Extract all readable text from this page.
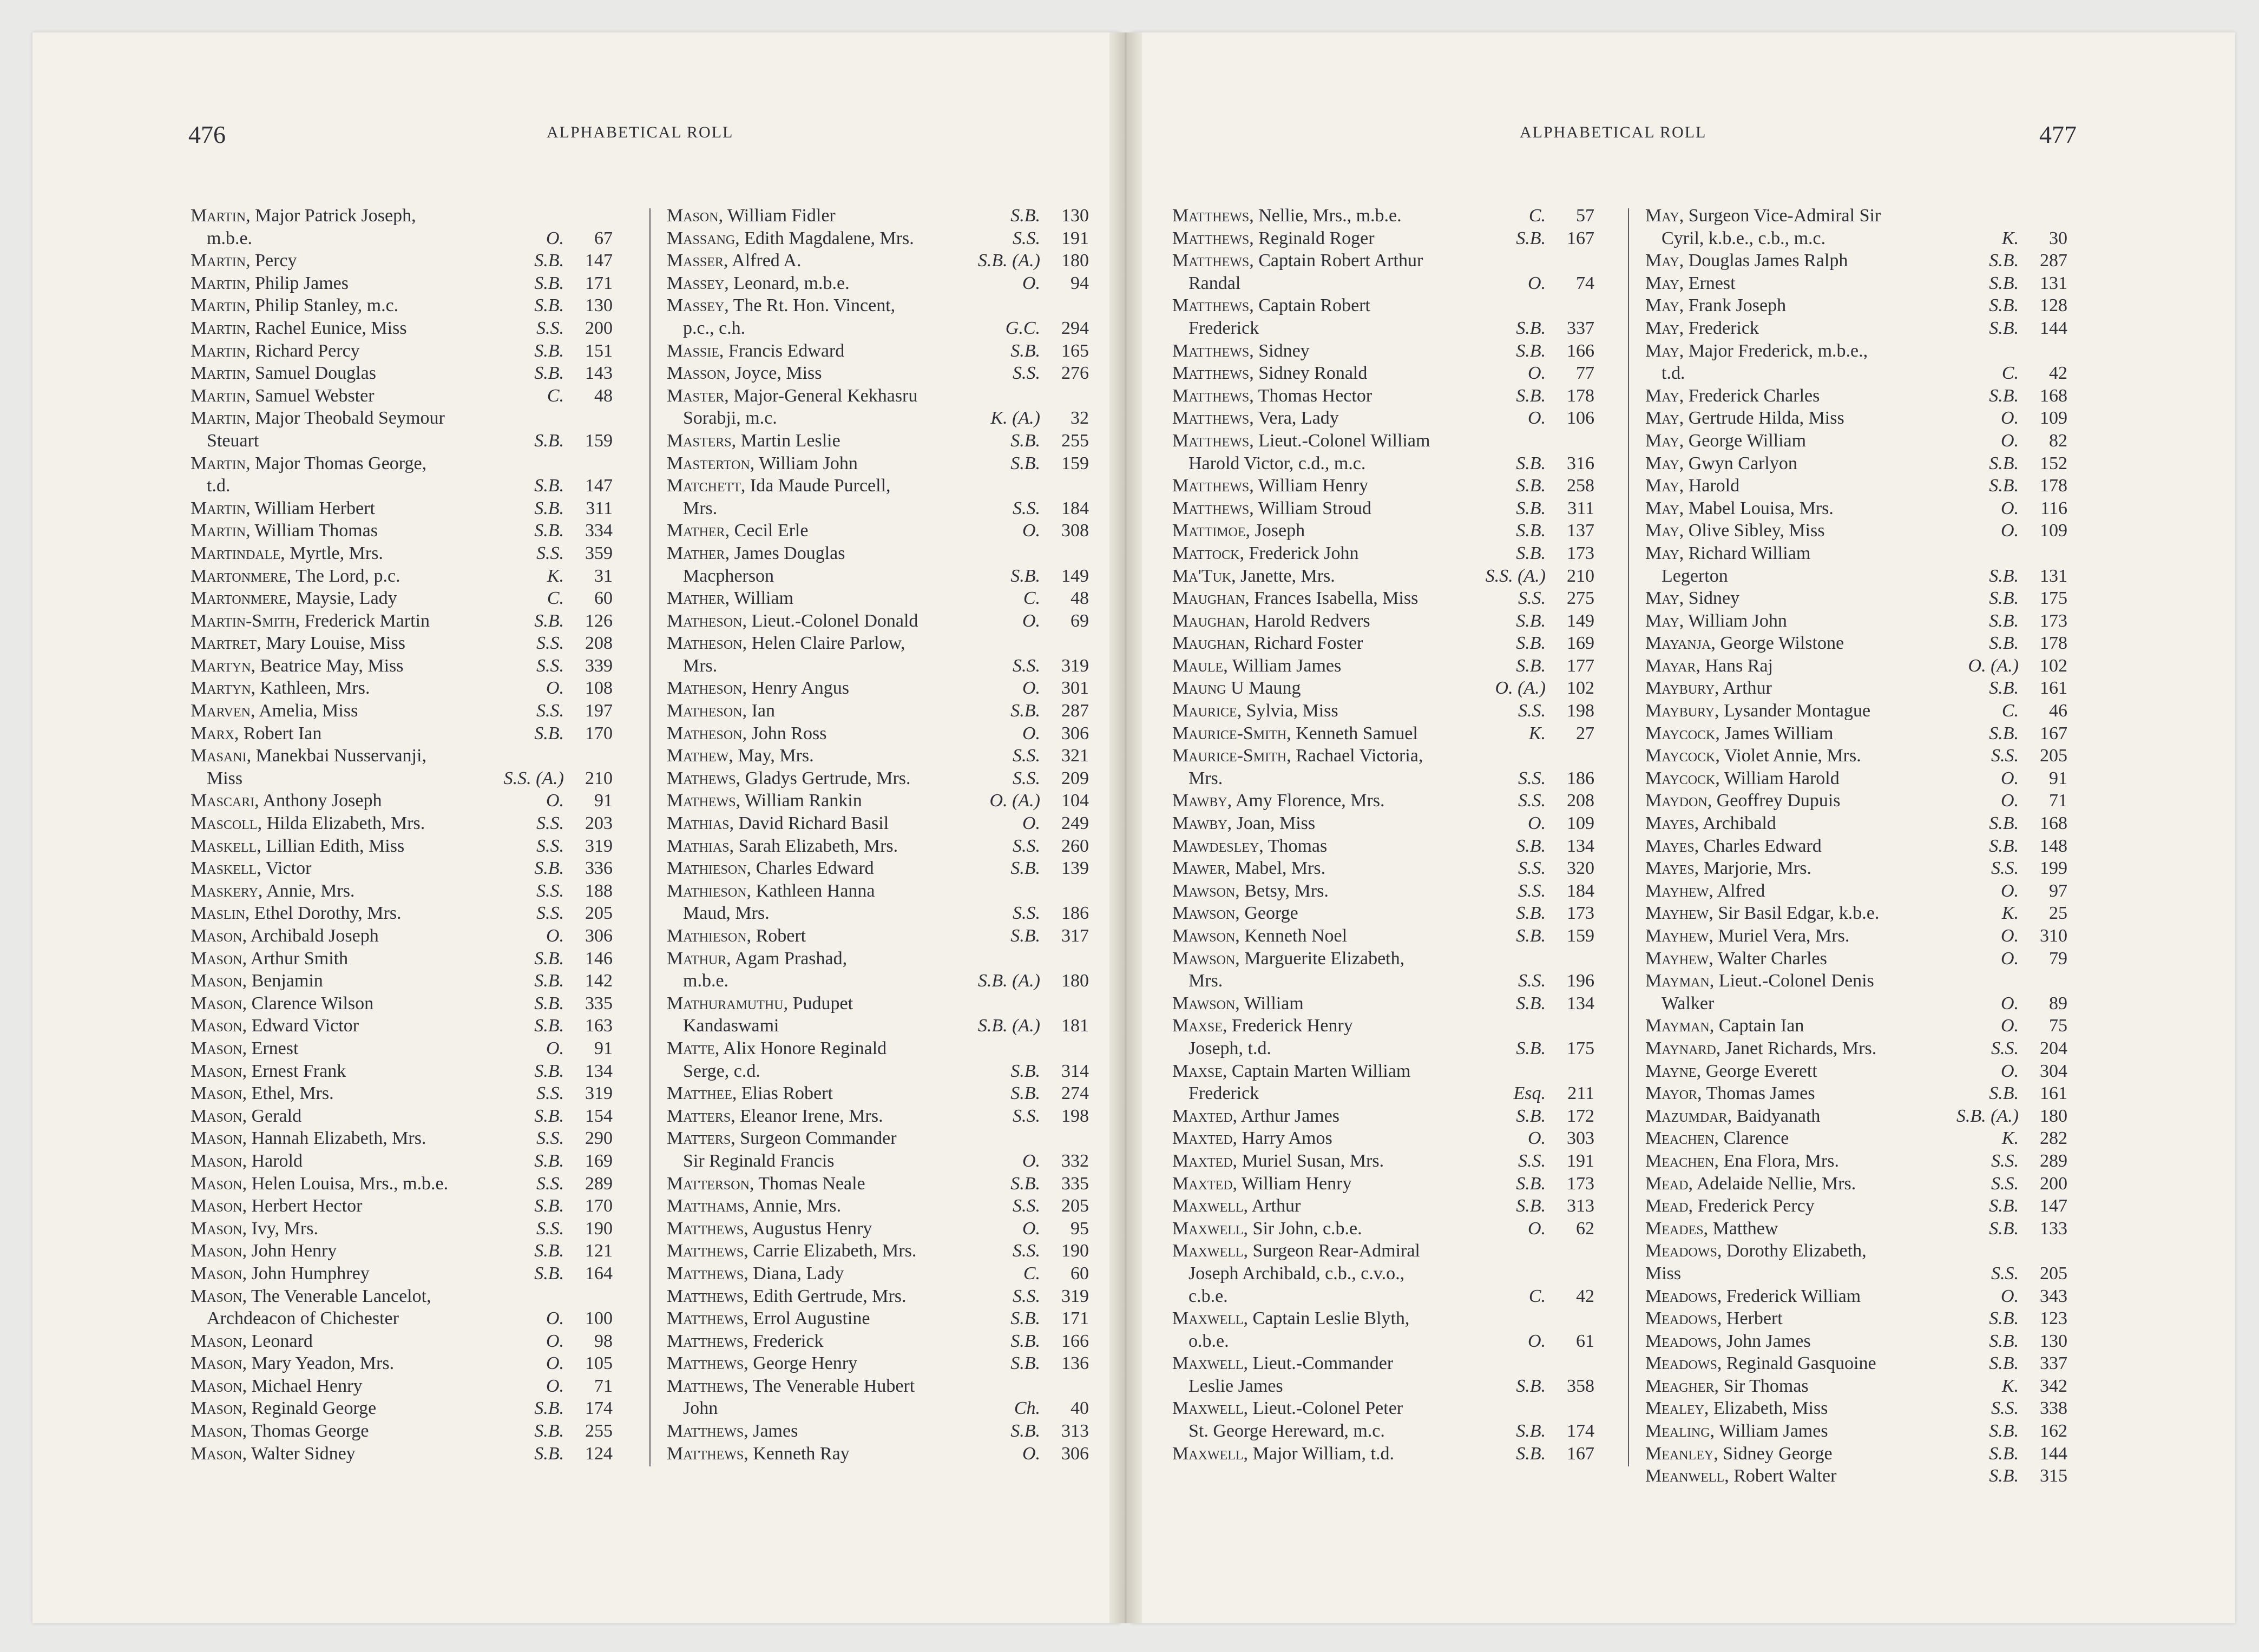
476	ALPHABETICAL ROLL	ALPHABETICAL ROLL	477
Martin, Major Patrick Joseph,
m.b.e.	O. 67
Martin, Percy	S.B. 147
Martin, Philip James	S.B. 171
Martin, Philip Stanley, m.c.	S.B. 130
Martin, Rachel Eunice, Miss	S.S. 200
Martin, Richard Percy	S.B. 151
Martin, Samuel Douglas	S.B. 143
Martin, Samuel Webster	C. 48
Martin, Major Theobald Seymour
Steuart	S.B. 159
Martin, Major Thomas George,
t.d.	S.B. 147
Martin, William Herbert	S.B. 311
Martin, William Thomas	S.B. 334
Martindale, Myrtle, Mrs.	S.S. 359
Martonmere, The Lord, p.c.	K. 31
Martonmere, Maysie, Lady	C. 60
Martin-Smith, Frederick Martin	S.B. 126
Martret, Mary Louise, Miss	S.S. 208
Martyn, Beatrice May, Miss	S.S. 339
Martyn, Kathleen, Mrs.	O. 108
Marven, Amelia, Miss	S.S. 197
Marx, Robert Ian	S.B. 170
Masani, Manekbai Nusservanji,
Miss	S.S. (A.) 210
Mascari, Anthony Joseph	O. 91
Mascoll, Hilda Elizabeth, Mrs.	S.S. 203
Maskell, Lillian Edith, Miss	S.S. 319
Maskell, Victor	S.B. 336
Maskery, Annie, Mrs.	S.S. 188
Maslin, Ethel Dorothy, Mrs.	S.S. 205
Mason, Archibald Joseph	O. 306
Mason, Arthur Smith	S.B. 146
Mason, Benjamin	S.B. 142
Mason, Clarence Wilson	S.B. 335
Mason, Edward Victor	S.B. 163
Mason, Ernest	O. 91
Mason, Ernest Frank	S.B. 134
Mason, Ethel, Mrs.	S.S. 319
Mason, Gerald	S.B. 154
Mason, Hannah Elizabeth, Mrs.	S.S. 290
Mason, Harold	S.B. 169
Mason, Helen Louisa, Mrs., m.b.e.	S.S. 289
Mason, Herbert Hector	S.B. 170
Mason, Ivy, Mrs.	S.S. 190
Mason, John Henry	S.B. 121
Mason, John Humphrey	S.B. 164
Mason, The Venerable Lancelot,
Archdeacon of Chichester	O. 100
Mason, Leonard	O. 98
Mason, Mary Yeadon, Mrs.	O. 105
Mason, Michael Henry	O. 71
Mason, Reginald George	S.B. 174
Mason, Thomas George	S.B. 255
Mason, Walter Sidney	S.B. 124
Mason, William Fidler	S.B. 130
Massang, Edith Magdalene, Mrs.	S.S. 191
Masser, Alfred A.	S.B. (A.) 180
Massey, Leonard, m.b.e.	O. 94
Massey, The Rt. Hon. Vincent,
p.c., c.h.	G.C. 294
Massie, Francis Edward	S.B. 165
Masson, Joyce, Miss	S.S. 276
Master, Major-General Kekhasru
Sorabji, m.c.	K. (A.) 32
Masters, Martin Leslie	S.B. 255
Masterton, William John	S.B. 159
Matchett, Ida Maude Purcell,
Mrs.	S.S. 184
Mather, Cecil Erle	O. 308
Mather, James Douglas
Macpherson	S.B. 149
Mather, William	C. 48
Matheson, Lieut.-Colonel Donald	O. 69
Matheson, Helen Claire Parlow,
Mrs.	S.S. 319
Matheson, Henry Angus	O. 301
Matheson, Ian	S.B. 287
Matheson, John Ross	O. 306
Mathew, May, Mrs.	S.S. 321
Mathews, Gladys Gertrude, Mrs.	S.S. 209
Mathews, William Rankin	O. (A.) 104
Mathias, David Richard Basil	O. 249
Mathias, Sarah Elizabeth, Mrs.	S.S. 260
Mathieson, Charles Edward	S.B. 139
Mathieson, Kathleen Hanna
Maud, Mrs.	S.S. 186
Mathieson, Robert	S.B. 317
Mathur, Agam Prashad,
m.b.e.	S.B. (A.) 180
Mathuramuthu, Pudupet
Kandaswami	S.B. (A.) 181
Matte, Alix Honore Reginald
Serge, c.d.	S.B. 314
Matthee, Elias Robert	S.B. 274
Matters, Eleanor Irene, Mrs.	S.S. 198
Matters, Surgeon Commander
Sir Reginald Francis	O. 332
Matterson, Thomas Neale	S.B. 335
Matthams, Annie, Mrs.	S.S. 205
Matthews, Augustus Henry	O. 95
Matthews, Carrie Elizabeth, Mrs.	S.S. 190
Matthews, Diana, Lady	C. 60
Matthews, Edith Gertrude, Mrs.	S.S. 319
Matthews, Errol Augustine	S.B. 171
Matthews, Frederick	S.B. 166
Matthews, George Henry	S.B. 136
Matthews, The Venerable Hubert
John	Ch. 40
Matthews, James	S.B. 313
Matthews, Kenneth Ray	O. 306
Matthews, Nellie, Mrs., m.b.e.	C. 57
Matthews, Reginald Roger	S.B. 167
Matthews, Captain Robert Arthur
Randal	O. 74
Matthews, Captain Robert
Frederick	S.B. 337
Matthews, Sidney	S.B. 166
Matthews, Sidney Ronald	O. 77
Matthews, Thomas Hector	S.B. 178
Matthews, Vera, Lady	O. 106
Matthews, Lieut.-Colonel William
Harold Victor, c.d., m.c.	S.B. 316
Matthews, William Henry	S.B. 258
Matthews, William Stroud	S.B. 311
Mattimoe, Joseph	S.B. 137
Mattock, Frederick John	S.B. 173
Ma'Tuk, Janette, Mrs.	S.S. (A.) 210
Maughan, Frances Isabella, Miss	S.S. 275
Maughan, Harold Redvers	S.B. 149
Maughan, Richard Foster	S.B. 169
Maule, William James	S.B. 177
Maung U Maung	O. (A.) 102
Maurice, Sylvia, Miss	S.S. 198
Maurice-Smith, Kenneth Samuel	K. 27
Maurice-Smith, Rachael Victoria,
Mrs.	S.S. 186
Mawby, Amy Florence, Mrs.	S.S. 208
Mawby, Joan, Miss	O. 109
Mawdesley, Thomas	S.B. 134
Mawer, Mabel, Mrs.	S.S. 320
Mawson, Betsy, Mrs.	S.S. 184
Mawson, George	S.B. 173
Mawson, Kenneth Noel	S.B. 159
Mawson, Marguerite Elizabeth,
Mrs.	S.S. 196
Mawson, William	S.B. 134
Maxse, Frederick Henry
Joseph, t.d.	S.B. 175
Maxse, Captain Marten William
Frederick	Esq. 211
Maxted, Arthur James	S.B. 172
Maxted, Harry Amos	O. 303
Maxted, Muriel Susan, Mrs.	S.S. 191
Maxted, William Henry	S.B. 173
Maxwell, Arthur	S.B. 313
Maxwell, Sir John, c.b.e.	O. 62
Maxwell, Surgeon Rear-Admiral
Joseph Archibald, c.b., c.v.o., c.b.e.	C. 42
Maxwell, Captain Leslie Blyth,
o.b.e.	O. 61
Maxwell, Lieut.-Commander
Leslie James	S.B. 358
Maxwell, Lieut.-Colonel Peter
St. George Hereward, m.c.	S.B. 174
Maxwell, Major William, t.d.	S.B. 167
May, Surgeon Vice-Admiral Sir
Cyril, k.b.e., c.b., m.c.	K. 30
May, Douglas James Ralph	S.B. 287
May, Ernest	S.B. 131
May, Frank Joseph	S.B. 128
May, Frederick	S.B. 144
May, Major Frederick, m.b.e.,
t.d.	C. 42
May, Frederick Charles	S.B. 168
May, Gertrude Hilda, Miss	O. 109
May, George William	O. 82
May, Gwyn Carlyon	S.B. 152
May, Harold	S.B. 178
May, Mabel Louisa, Mrs.	O. 116
May, Olive Sibley, Miss	O. 109
May, Richard William
Legerton	S.B. 131
May, Sidney	S.B. 175
May, William John	S.B. 173
Mayanja, George Wilstone	S.B. 178
Mayar, Hans Raj	O. (A.) 102
Maybury, Arthur	S.B. 161
Maybury, Lysander Montague	C. 46
Maycock, James William	S.B. 167
Maycock, Violet Annie, Mrs.	S.S. 205
Maycock, William Harold	O. 91
Maydon, Geoffrey Dupuis	O. 71
Mayes, Archibald	S.B. 168
Mayes, Charles Edward	S.B. 148
Mayes, Marjorie, Mrs.	S.S. 199
Mayhew, Alfred	O. 97
Mayhew, Sir Basil Edgar, k.b.e.	K. 25
Mayhew, Muriel Vera, Mrs.	O. 310
Mayhew, Walter Charles	O. 79
Mayman, Lieut.-Colonel Denis
Walker	O. 89
Mayman, Captain Ian	O. 75
Maynard, Janet Richards, Mrs.	S.S. 204
Mayne, George Everett	O. 304
Mayor, Thomas James	S.B. 161
Mazumdar, Baidyanath	S.B. (A.) 180
Meachen, Clarence	K. 282
Meachen, Ena Flora, Mrs.	S.S. 289
Mead, Adelaide Nellie, Mrs.	S.S. 200
Mead, Frederick Percy	S.B. 147
Meades, Matthew	S.B. 133
Meadows, Dorothy Elizabeth, Miss	S.S. 205
Meadows, Frederick William	O. 343
Meadows, Herbert	S.B. 123
Meadows, John James	S.B. 130
Meadows, Reginald Gasquoine	S.B. 337
Meagher, Sir Thomas	K. 342
Mealey, Elizabeth, Miss	S.S. 338
Mealing, William James	S.B. 162
Meanley, Sidney George	S.B. 144
Meanwell, Robert Walter	S.B. 315
